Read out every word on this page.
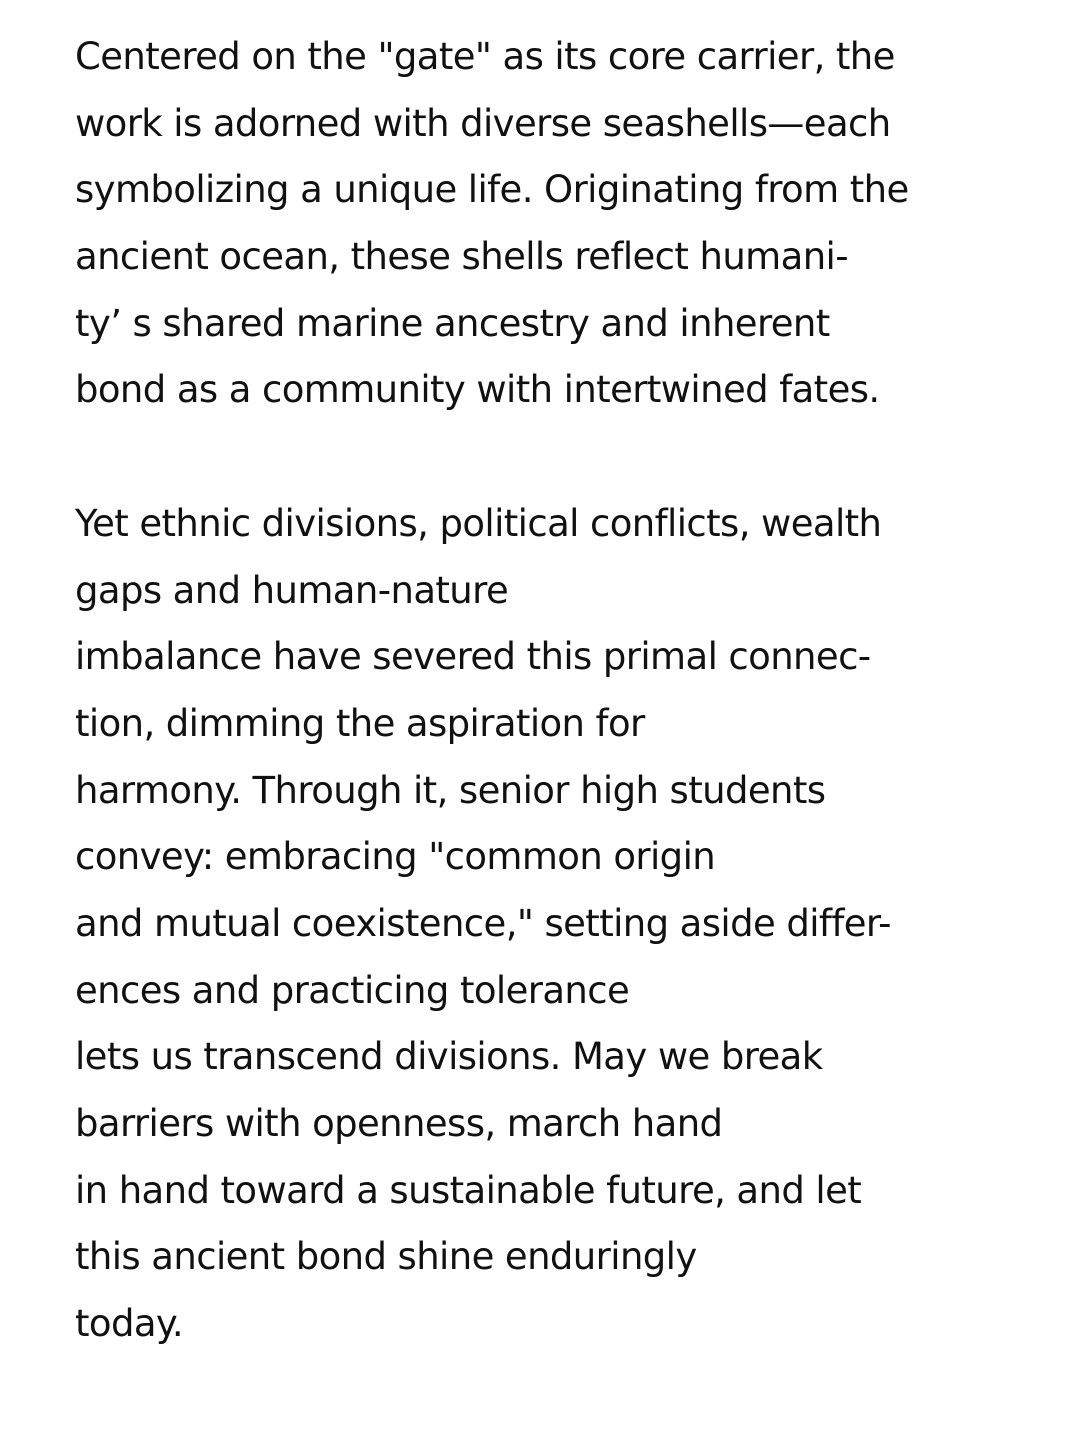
Centered on the "gate" as its core carrier, the
work is adorned with diverse seashells—each
symbolizing a unique life. Originating from the
ancient ocean, these shells reflect humani-
ty’ s shared marine ancestry and inherent
bond as a community with intertwined fates.
Yet ethnic divisions, political conflicts, wealth
gaps and human-nature
imbalance have severed this primal connec-
tion, dimming the aspiration for
harmony. Through it, senior high students
convey: embracing "common origin
and mutual coexistence," setting aside differ-
ences and practicing tolerance
lets us transcend divisions. May we break
barriers with openness, march hand
in hand toward a sustainable future, and let
this ancient bond shine enduringly
today.
